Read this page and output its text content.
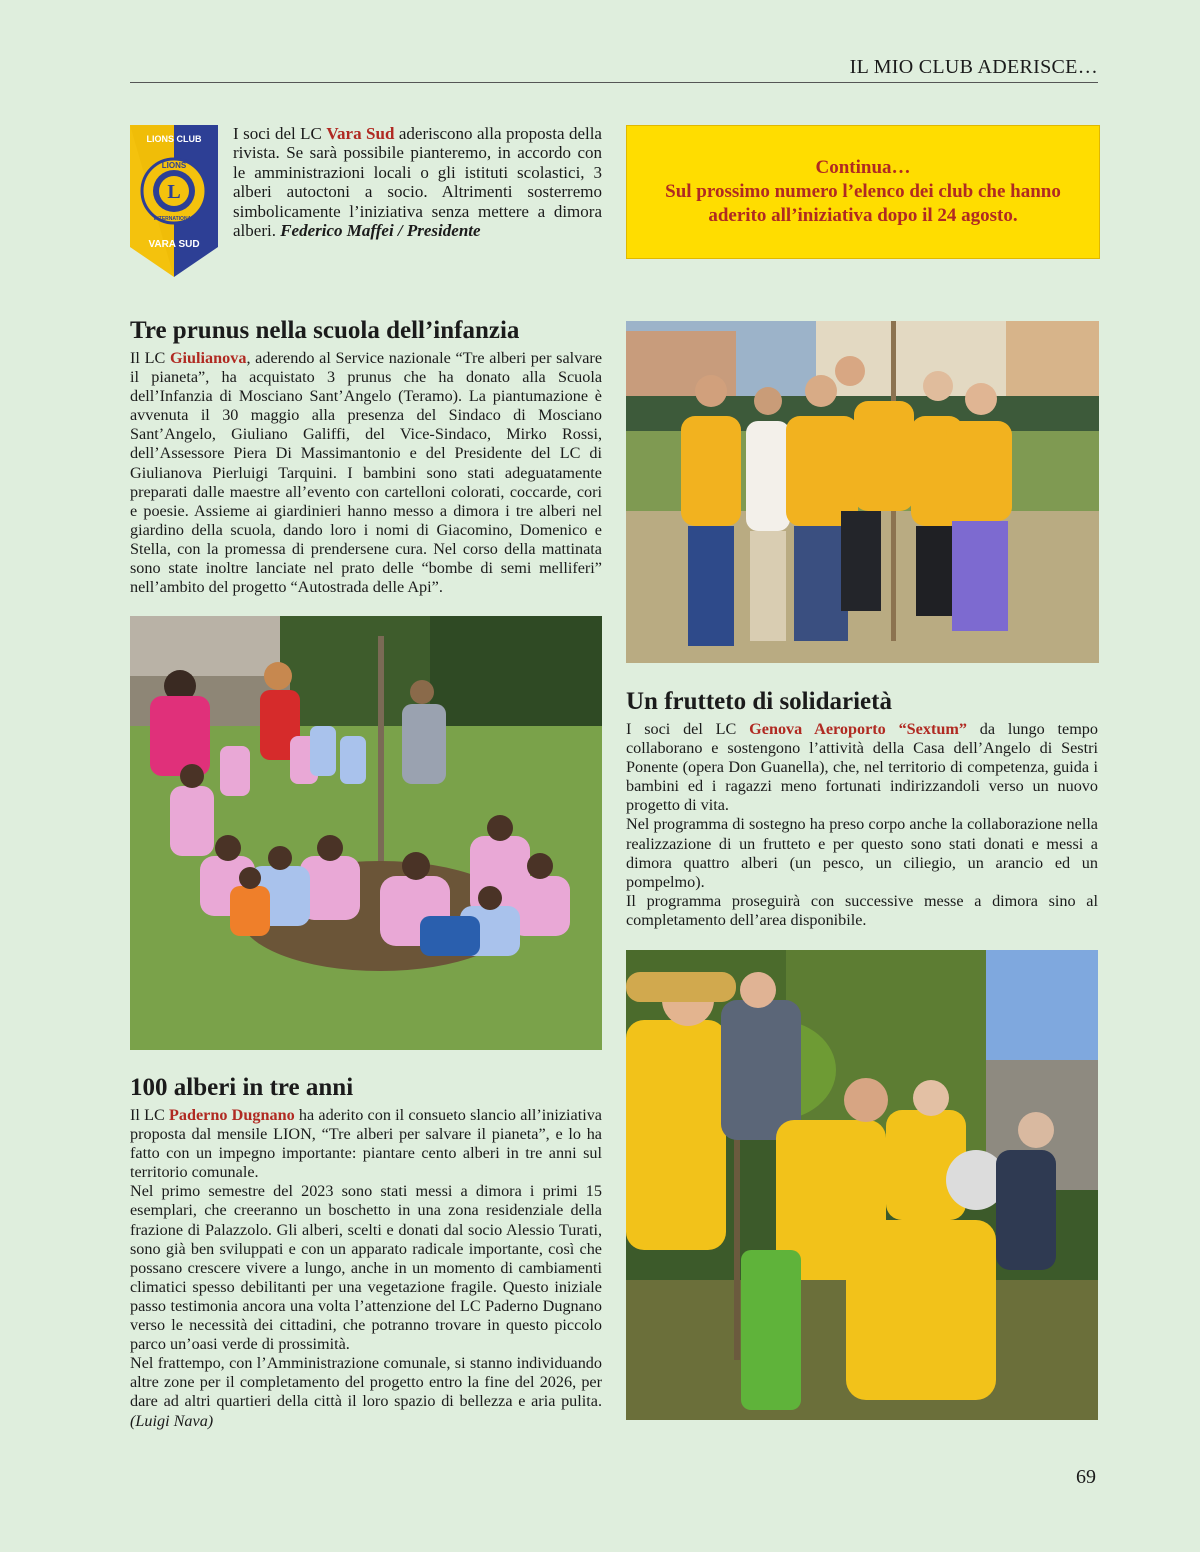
IL MIO CLUB ADERISCE…
LIONS CLUB
L
LIONS
INTERNATIONAL
VARA SUD
I soci del LC Vara Sud aderiscono alla proposta della rivista. Se sarà possibile pianteremo, in accordo con le amministrazioni locali o gli istituti scolastici, 3 alberi autoctoni a socio. Altrimenti sosterremo simbolicamente l’iniziativa senza mettere a dimora alberi. Federico Maffei / Presidente
Continua…
Sul prossimo numero l’elenco dei club che hanno
aderito all’iniziativa dopo il 24 agosto.
Tre prunus nella scuola dell’infanzia
Il LC Giulianova, aderendo al Service nazionale “Tre alberi per salvare il pianeta”, ha acquistato 3 prunus che ha donato alla Scuola dell’Infanzia di Mosciano Sant’Angelo (Teramo). La piantumazione è avvenuta il 30 maggio alla presenza del Sindaco di Mosciano Sant’Angelo, Giuliano Galiffi, del Vice-Sindaco, Mirko Rossi, dell’Assessore Piera Di Massimantonio e del Presidente del LC di Giulianova Pierluigi Tarquini. I bambini sono stati adeguatamente preparati dalle maestre all’evento con cartelloni colorati, coccarde, cori e poesie. Assieme ai giardinieri hanno messo a dimora i tre alberi nel giardino della scuola, dando loro i nomi di Giacomino, Domenico e Stella, con la promessa di prendersene cura. Nel corso della mattinata sono state inoltre lanciate nel prato delle “bombe di semi melliferi” nell’ambito del progetto “Autostrada delle Api”.
100 alberi in tre anni

Il LC Paderno Dugnano ha aderito con il consueto slancio all’iniziativa proposta dal mensile LION, “Tre alberi per salvare il pianeta”, e lo ha fatto con un impegno importante: piantare cento alberi in tre anni sul territorio comunale.

Nel primo semestre del 2023 sono stati messi a dimora i primi 15 esemplari, che creeranno un boschetto in una zona residenziale della frazione di Palazzolo. Gli alberi, scelti e donati dal socio Alessio Turati, sono già ben sviluppati e con un apparato radicale importante, così che possano crescere vivere a lungo, anche in un momento di cambiamenti climatici spesso debilitanti per una vegetazione fragile. Questo iniziale passo testimonia ancora una volta l’attenzione del LC Paderno Dugnano verso le necessità dei cittadini, che potranno trovare in questo piccolo parco un’oasi verde di prossimità.

Nel frattempo, con l’Amministrazione comunale, si stanno individuando altre zone per il completamento del progetto entro la fine del 2026, per dare ad altri quartieri della città il loro spazio di bellezza e aria pulita. (Luigi Nava)

Un frutteto di solidarietà

I soci del LC Genova Aeroporto “Sextum” da lungo tempo collaborano e sostengono l’attività della Casa dell’Angelo di Sestri Ponente (opera Don Guanella), che, nel territorio di competenza, guida i bambini ed i ragazzi meno fortunati indirizzandoli verso un nuovo progetto di vita.

Nel programma di sostegno ha preso corpo anche la collaborazione nella realizzazione di un frutteto e per questo sono stati donati e messi a dimora quattro alberi (un pesco, un ciliegio, un arancio ed un pompelmo).

Il programma proseguirà con successive messe a dimora sino al completamento dell’area disponibile.

69
